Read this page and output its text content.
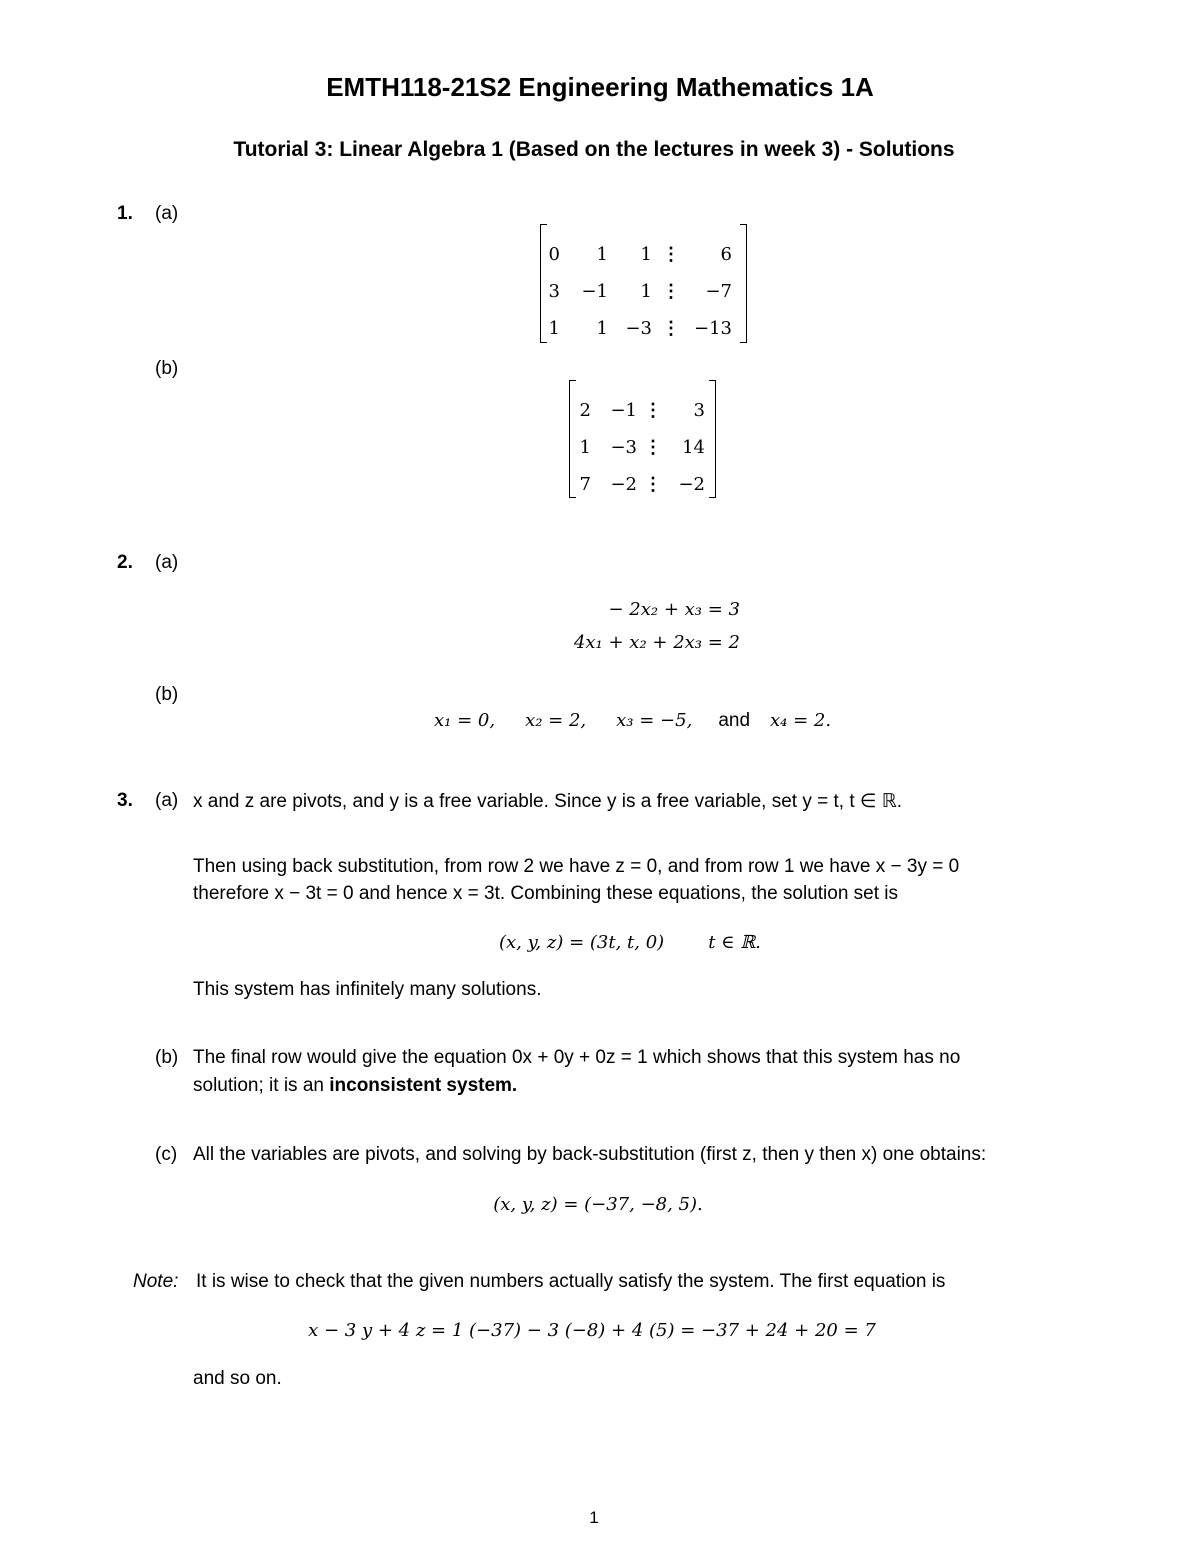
EMTH118-21S2 Engineering Mathematics 1A
Tutorial 3: Linear Algebra 1 (Based on the lectures in week 3) - Solutions
1. (a)
0	1	1	⋮	6
3	−1	1	⋮	−7
1	1	−3	⋮	−13
(b)
2	−1	⋮	3
1	−3	⋮	14
7	−2	⋮	−2
2. (a)
− 2x₂ + x₃ = 3
4x₁ + x₂ + 2x₃ = 2
(b)
x₁ = 0, x₂ = 2, x₃ = −5, and x₄ = 2.
3. (a) x and z are pivots, and y is a free variable. Since y is a free variable, set y = t, t ∈ ℝ.
Then using back substitution, from row 2 we have z = 0, and from row 1 we have x − 3y = 0
therefore x − 3t = 0 and hence x = 3t. Combining these equations, the solution set is
(x, y, z) = (3t, t, 0) t ∈ ℝ.
This system has infinitely many solutions.
(b) The final row would give the equation 0x + 0y + 0z = 1 which shows that this system has no
solution; it is an inconsistent system.
(c) All the variables are pivots, and solving by back-substitution (first z, then y then x) one obtains:
(x, y, z) = (−37, −8, 5).
Note: It is wise to check that the given numbers actually satisfy the system. The first equation is
x − 3 y + 4 z = 1 (−37) − 3 (−8) + 4 (5) = −37 + 24 + 20 = 7
and so on.
1
